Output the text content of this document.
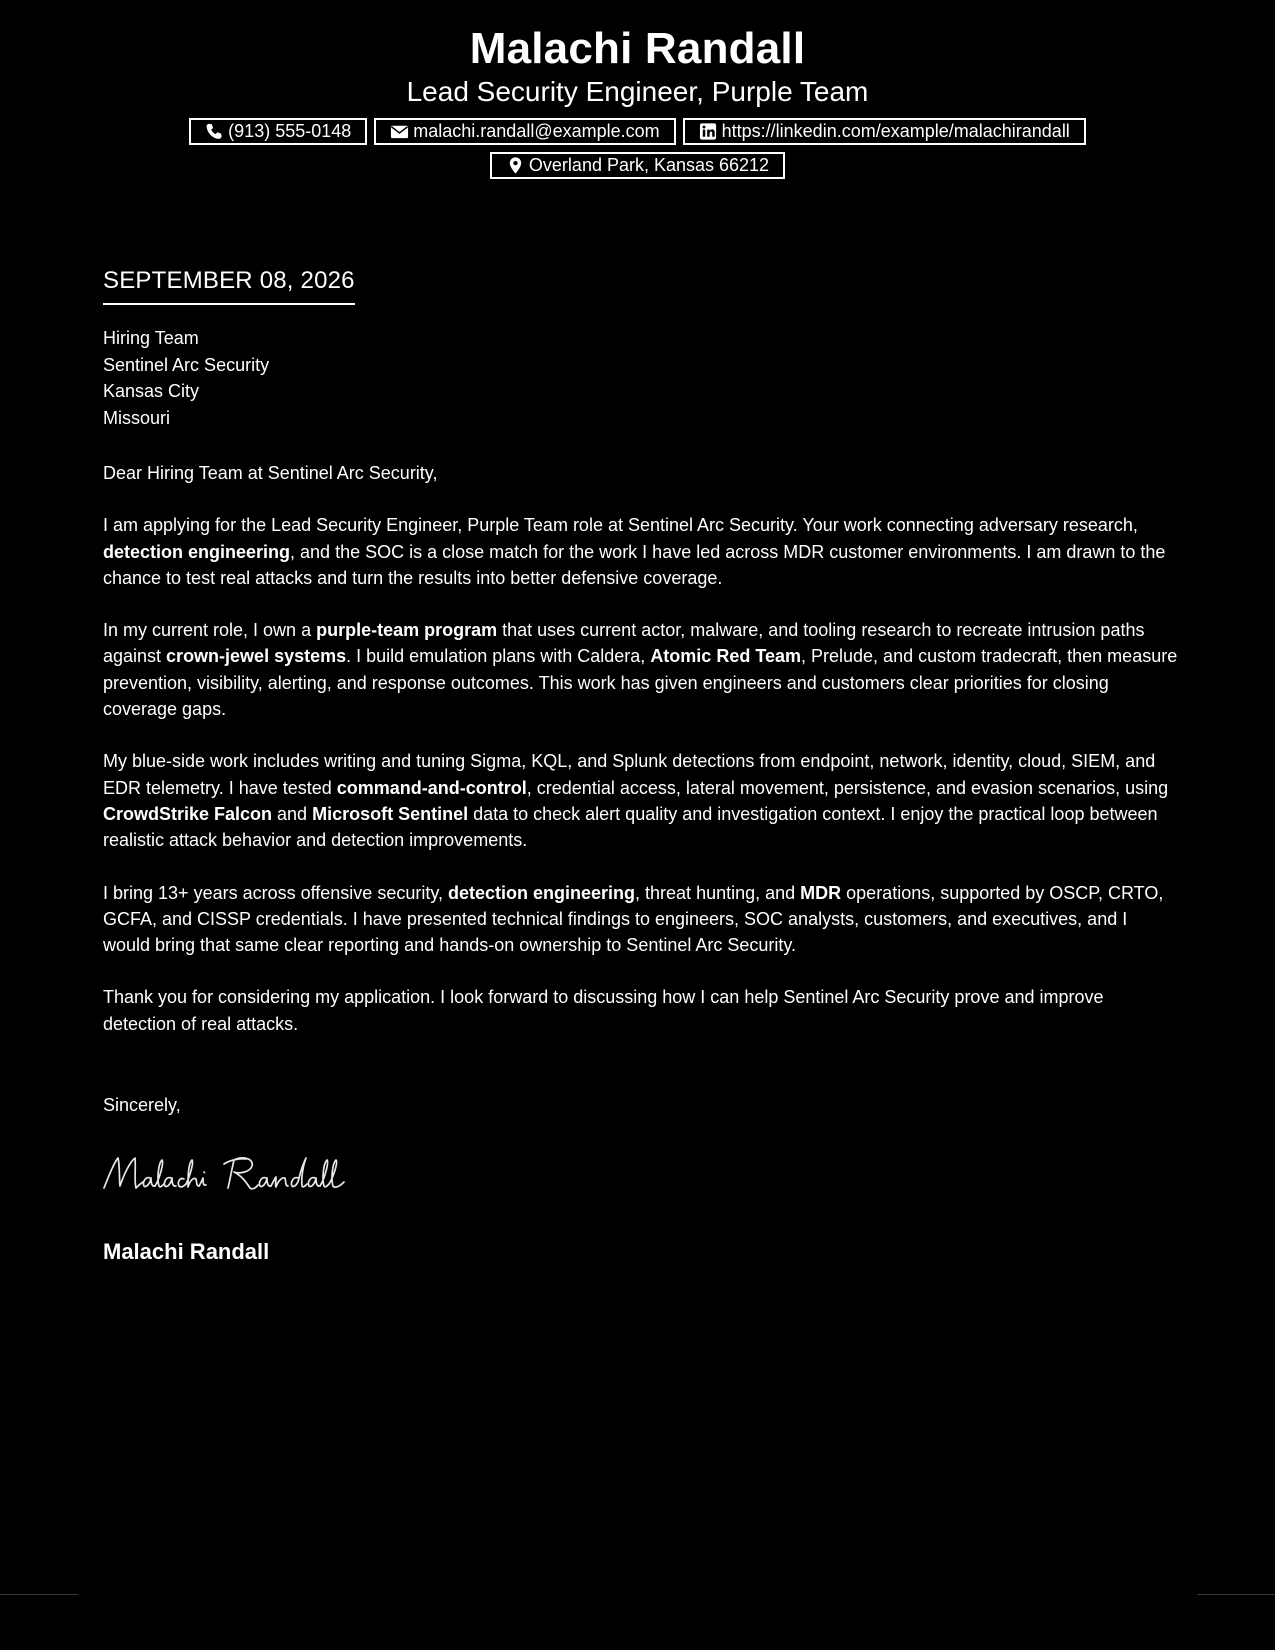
Malachi Randall
Lead Security Engineer, Purple Team
(913) 555-0148	malachi.randall@example.com	https://linkedin.com/example/malachirandall
Overland Park, Kansas 66212
SEPTEMBER 08, 2026
Hiring Team
Sentinel Arc Security
Kansas City
Missouri

Dear Hiring Team at Sentinel Arc Security,

I am applying for the Lead Security Engineer, Purple Team role at Sentinel Arc Security. Your work connecting adversary research, detection engineering, and the SOC is a close match for the work I have led across MDR customer environments. I am drawn to the chance to test real attacks and turn the results into better defensive coverage.

In my current role, I own a purple-team program that uses current actor, malware, and tooling research to recreate intrusion paths against crown-jewel systems. I build emulation plans with Caldera, Atomic Red Team, Prelude, and custom tradecraft, then measure prevention, visibility, alerting, and response outcomes. This work has given engineers and customers clear priorities for closing coverage gaps.

My blue-side work includes writing and tuning Sigma, KQL, and Splunk detections from endpoint, network, identity, cloud, SIEM, and EDR telemetry. I have tested command-and-control, credential access, lateral movement, persistence, and evasion scenarios, using CrowdStrike Falcon and Microsoft Sentinel data to check alert quality and investigation context. I enjoy the practical loop between realistic attack behavior and detection improvements.

I bring 13+ years across offensive security, detection engineering, threat hunting, and MDR operations, supported by OSCP, CRTO, GCFA, and CISSP credentials. I have presented technical findings to engineers, SOC analysts, customers, and executives, and I would bring that same clear reporting and hands-on ownership to Sentinel Arc Security.

Thank you for considering my application. I look forward to discussing how I can help Sentinel Arc Security prove and improve detection of real attacks.

Sincerely,
Malachi Randall
